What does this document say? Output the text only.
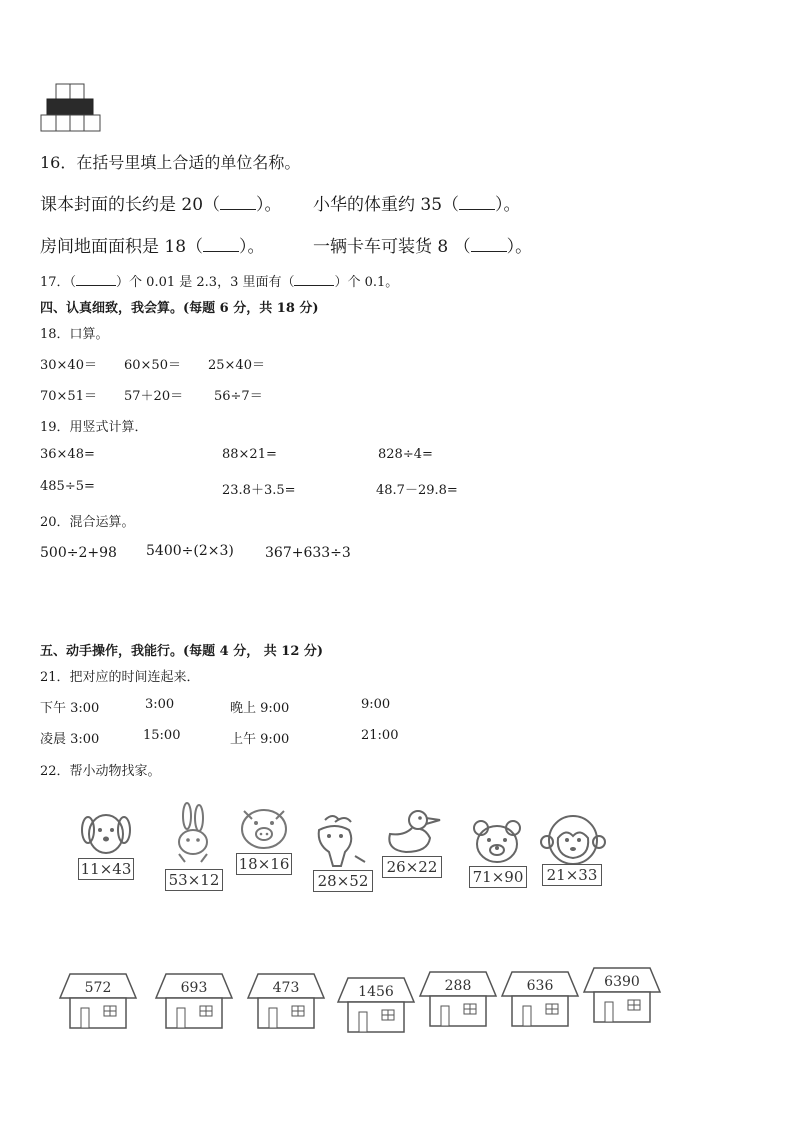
16．在括号里填上合适的单位名称。
课本封面的长约是 20（ ）。 小华的体重约 35（ ）。
房间地面面积是 18（ ）。	一辆卡车可装货 8 （ ）。
17．（	）个 0.01 是 2.3，3 里面有（	）个 0.1。
四、认真细致，我会算。(每题 6 分，共 18 分)
18．口算。
30×40＝ 60×50＝ 25×40＝
70×51＝ 57＋20＝ 56÷7＝
19．用竖式计算．
36×48=	88×21=	828÷4=
485÷5=	23.8＋3.5=	48.7－29.8=
20．混合运算。
500÷2+98 5400÷(2×3) 367+633÷3
五、动手操作，我能行。(每题 4 分， 共 12 分)
21．把对应的时间连起来．
下午 3:00	3:00	晚上 9:00	9:00
凌晨 3:00	15:00	上午 9:00	21:00
22．帮小动物找家。
11×43
53×12
18×16
28×52
26×22
71×90	21×33
572	693	473	1456	288	636	6390
